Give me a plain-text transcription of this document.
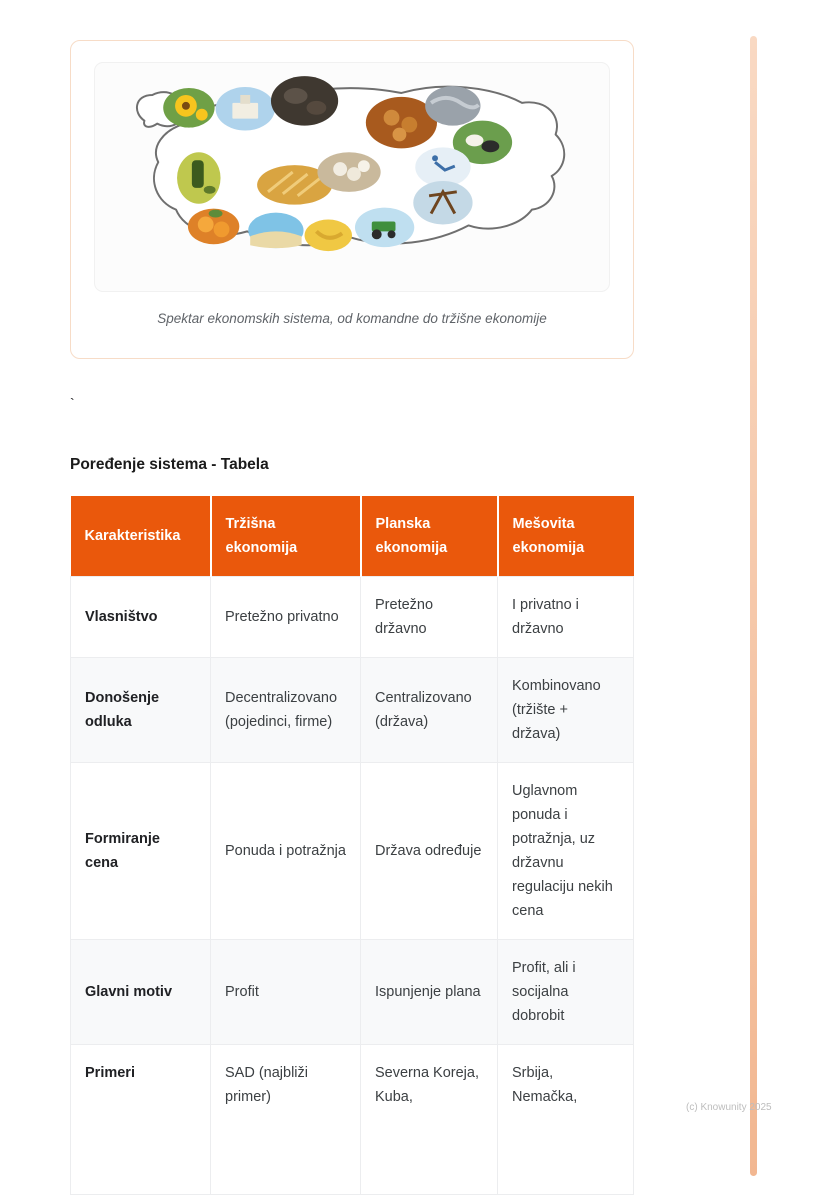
Spektar ekonomskih sistema, od komandne do tržišne ekonomije
`
Poređenje sistema - Tabela
Karakteristika	Tržišna ekonomija	Planska ekonomija	Mešovita ekonomija
Vlasništvo	Pretežno privatno	Pretežno državno	I privatno i državno
Donošenje odluka	Decentralizovano (pojedinci, firme)	Centralizovano (država)	Kombinovano (tržište + država)
Formiranje cena	Ponuda i potražnja	Država određuje	Uglavnom ponuda i potražnja, uz državnu regulaciju nekih cena
Glavni motiv	Profit	Ispunjenje plana	Profit, ali i socijalna dobrobit
Primeri	SAD (najbliži primer)	Severna Koreja, Kuba,	Srbija, Nemačka,
(c) Knowunity 2025
